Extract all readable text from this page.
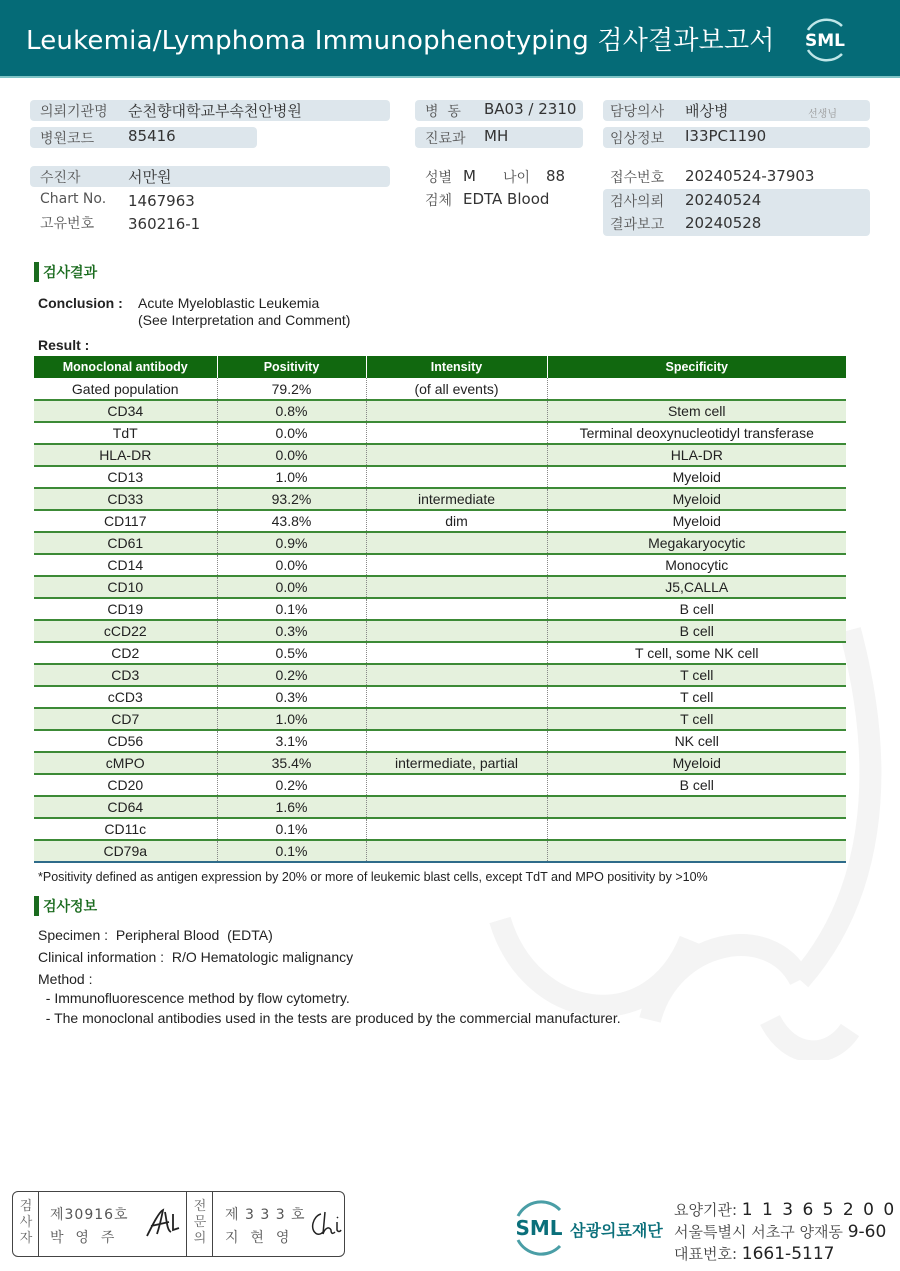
Leukemia/Lymphoma Immunophenotyping 검사결과보고서 SML
의뢰기관명 순천향대학교부속천안병원
병원코드 85416
수진자	서만원
Chart No. 1467963
고유번호 360216-1
병  동 BA03 / 2310
진료과 MH
성별 M 나이 88
검체 EDTA Blood
담당의사 배상병	선생님
임상정보 I33PC1190
접수번호 20240524-37903
검사의뢰 20240524
결과보고 20240528
검사결과
Conclusion : Acute Myeloblastic Leukemia
(See Interpretation and Comment)
Result :
Monoclonal antibody	Positivity	Intensity	Specificity
Gated population	79.2%	(of all events)	
CD34	0.8%		Stem cell
TdT	0.0%		Terminal deoxynucleotidyl transferase
HLA-DR	0.0%		HLA-DR
CD13	1.0%		Myeloid
CD33	93.2%	intermediate	Myeloid
CD117	43.8%	dim	Myeloid
CD61	0.9%		Megakaryocytic
CD14	0.0%		Monocytic
CD10	0.0%		J5,CALLA
CD19	0.1%		B cell
cCD22	0.3%		B cell
CD2	0.5%		T cell, some NK cell
CD3	0.2%		T cell
cCD3	0.3%		T cell
CD7	1.0%		T cell
CD56	3.1%		NK cell
cMPO	35.4%	intermediate, partial	Myeloid
CD20	0.2%		B cell
CD64	1.6%		
CD11c	0.1%		
CD79a	0.1%		
*Positivity defined as antigen expression by 20% or more of leukemic blast cells, except TdT and MPO positivity by >10%
검사정보
Specimen :  Peripheral Blood  (EDTA)
Clinical information :  R/O Hematologic malignancy
Method :
- Immunofluorescence method by flow cytometry.
- The monoclonal antibodies used in the tests are produced by the commercial manufacturer.
검
사
자
제30916호
박  영  주
전
문
의
제 3 3 3 호
지  현  영	SML 삼광의료재단
요양기관: 1 1 3 6 5 2 0 0
서울특별시 서초구 양재동 9-60
대표번호: 1661-5117
